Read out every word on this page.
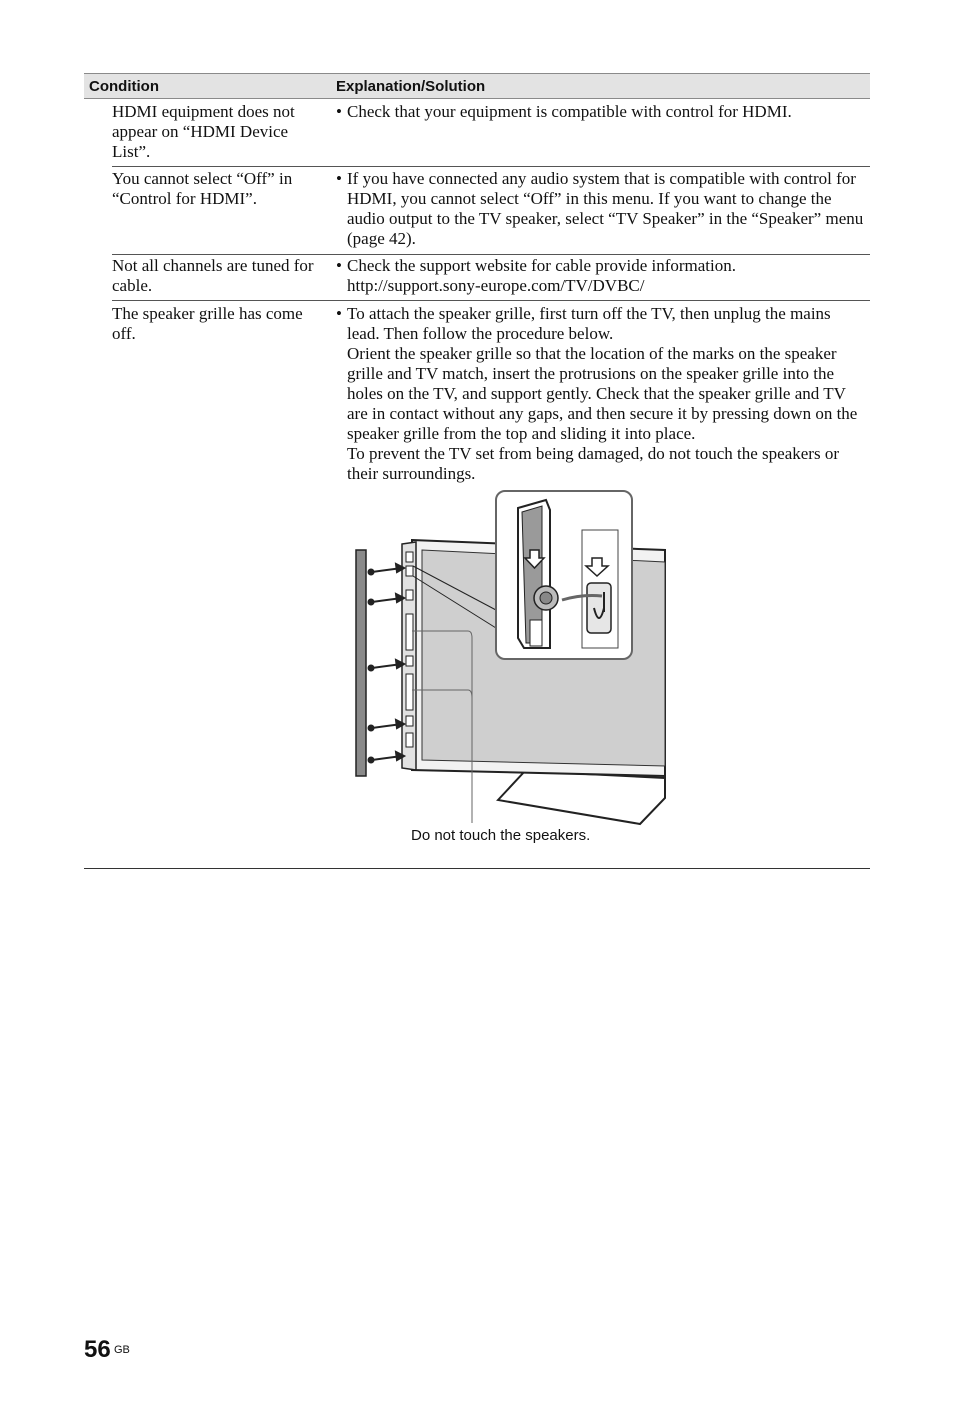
Condition	Explanation/Solution
HDMI equipment does not appear on “HDMI Device List”.
• Check that your equipment is compatible with control for HDMI.
You cannot select “Off” in “Control for HDMI”.
• If you have connected any audio system that is compatible with control for HDMI, you cannot select “Off” in this menu. If you want to change the audio output to the TV speaker, select “TV Speaker” in the “Speaker” menu (page 42).
Not all channels are tuned for cable.
• Check the support website for cable provide information.
http://support.sony-europe.com/TV/DVBC/
The speaker grille has come off.
• To attach the speaker grille, first turn off the TV, then unplug the mains lead. Then follow the procedure below.
Orient the speaker grille so that the location of the marks on the speaker grille and TV match, insert the protrusions on the speaker grille into the holes on the TV, and support gently. Check that the speaker grille and TV are in contact without any gaps, and then secure it by pressing down on the speaker grille from the top and sliding it into place.
To prevent the TV set from being damaged, do not touch the speakers or their surroundings.
Do not touch the speakers.
56 GB
